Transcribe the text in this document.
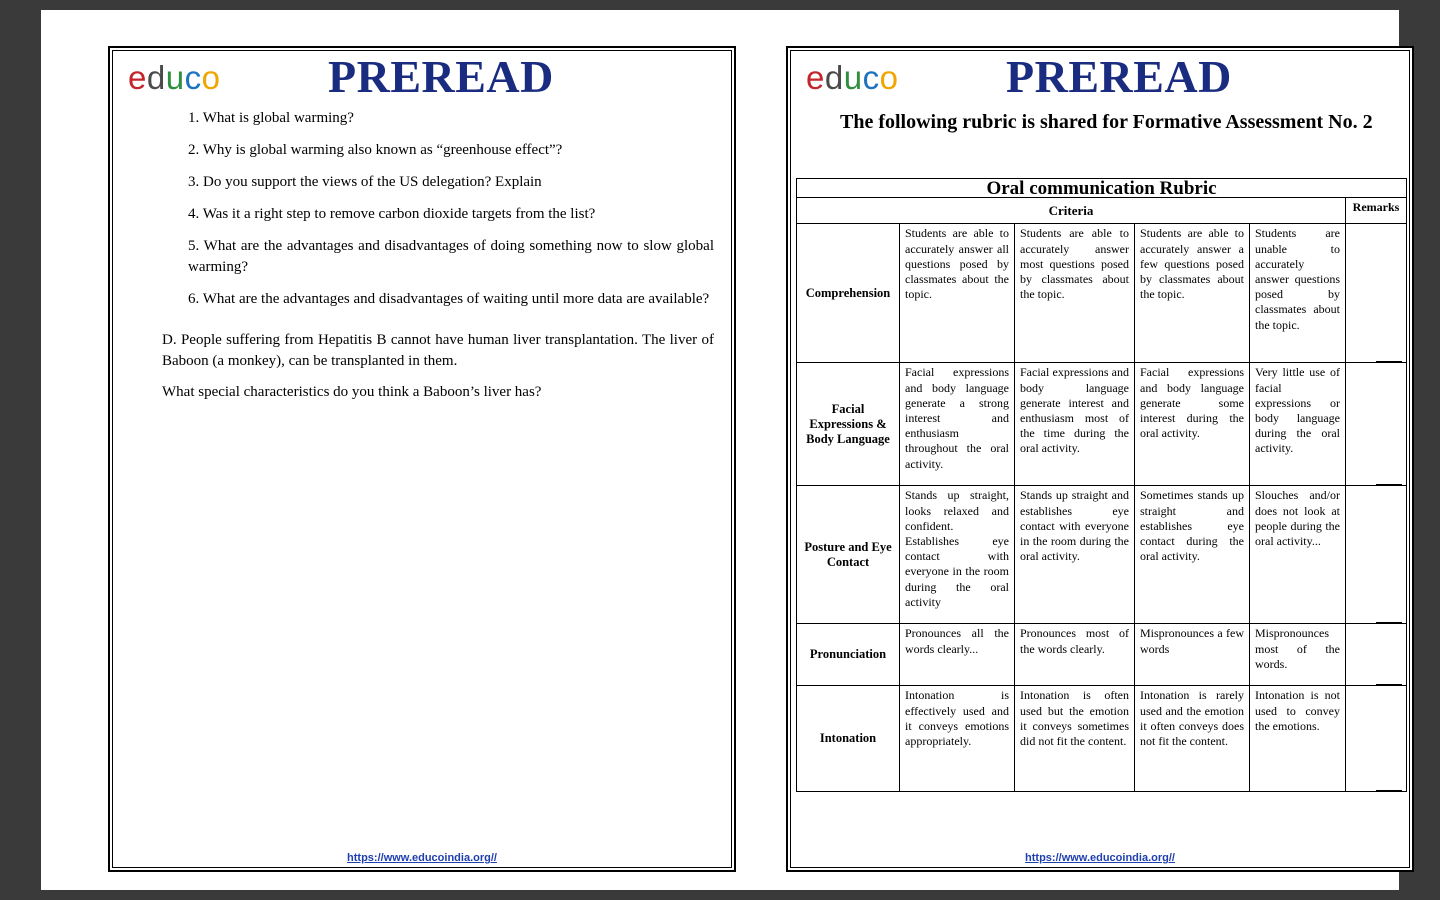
educo PREREAD

1. What is global warming?

2. Why is global warming also known as “greenhouse effect”?

3. Do you support the views of the US delegation? Explain

4. Was it a right step to remove carbon dioxide targets from the list?

5. What are the advantages and disadvantages of doing something now to slow global warming?

6. What are the advantages and disadvantages of waiting until more data are available?

D. People suffering from Hepatitis B cannot have human liver transplantation. The liver of Baboon (a monkey), can be transplanted in them.

What special characteristics do you think a Baboon’s liver has?

https://www.educoindia.org//
educo PREREAD
The following rubric is shared for Formative Assessment No. 2
Oral communication Rubric					
Criteria					Remarks
Comprehension	Students are able to accurately answer all questions posed by classmates about the topic.	Students are able to accurately answer most questions posed by classmates about the topic.	Students are able to accurately answer a few questions posed by classmates about the topic.	Students are unable to accurately answer questions posed by classmates about the topic.	
Facial Expressions & Body Language	Facial expressions and body language generate a strong interest and enthusiasm throughout the oral activity.	Facial expressions and body language generate interest and enthusiasm most of the time during the oral activity.	Facial expressions and body language generate some interest during the oral activity.	Very little use of facial expressions or body language during the oral activity.	
Posture and Eye Contact	Stands up straight, looks relaxed and confident. Establishes eye contact with everyone in the room during the oral activity	Stands up straight and establishes eye contact with everyone in the room during the oral activity.	Sometimes stands up straight and establishes eye contact during the oral activity.	Slouches and/or does not look at people during the oral activity...	
Pronunciation	Pronounces all the words clearly...	Pronounces most of the words clearly.	Mispronounces a few words	Mispronounces most of the words.	
Intonation	Intonation is effectively used and it conveys emotions appropriately.	Intonation is often used but the emotion it conveys sometimes did not fit the content.	Intonation is rarely used and the emotion it often conveys does not fit the content.	Intonation is not used to convey the emotions.	
https://www.educoindia.org//
